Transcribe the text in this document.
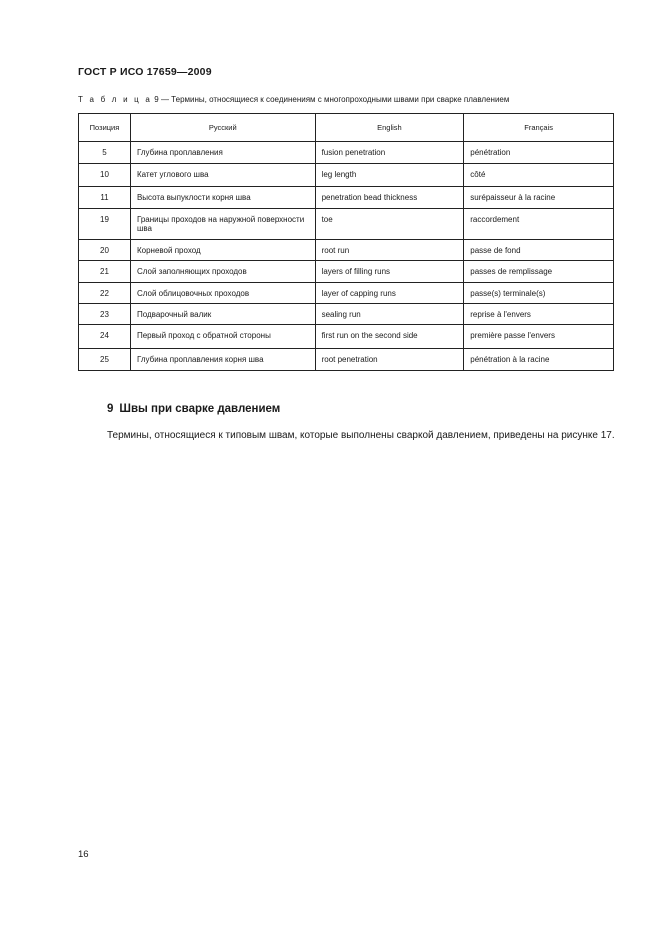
ГОСТ Р ИСО 17659—2009
Т а б л и ц а 9 — Термины, относящиеся к соединениям с многопроходными швами при сварке плавлением
Позиция	Русский	English	Français
5	Глубина проплавления	fusion penetration	pénétration
10	Катет углового шва	leg length	côté
11	Высота выпуклости корня шва	penetration bead thickness	surépaisseur à la racine
19	Границы проходов на наружной поверхности шва	toe	raccordement
20	Корневой проход	root run	passe de fond
21	Слой заполняющих проходов	layers of filling runs	passes de remplissage
22	Слой облицовочных проходов	layer of capping runs	passe(s) terminale(s)
23	Подварочный валик	sealing run	reprise à l'envers
24	Первый проход с обратной стороны	first run on the second side	première passe l'envers
25	Глубина проплавления корня шва	root penetration	pénétration à la racine
9 Швы при сварке давлением
Термины, относящиеся к типовым швам, которые выполнены сваркой давлением, приведены на рисунке 17.
16
